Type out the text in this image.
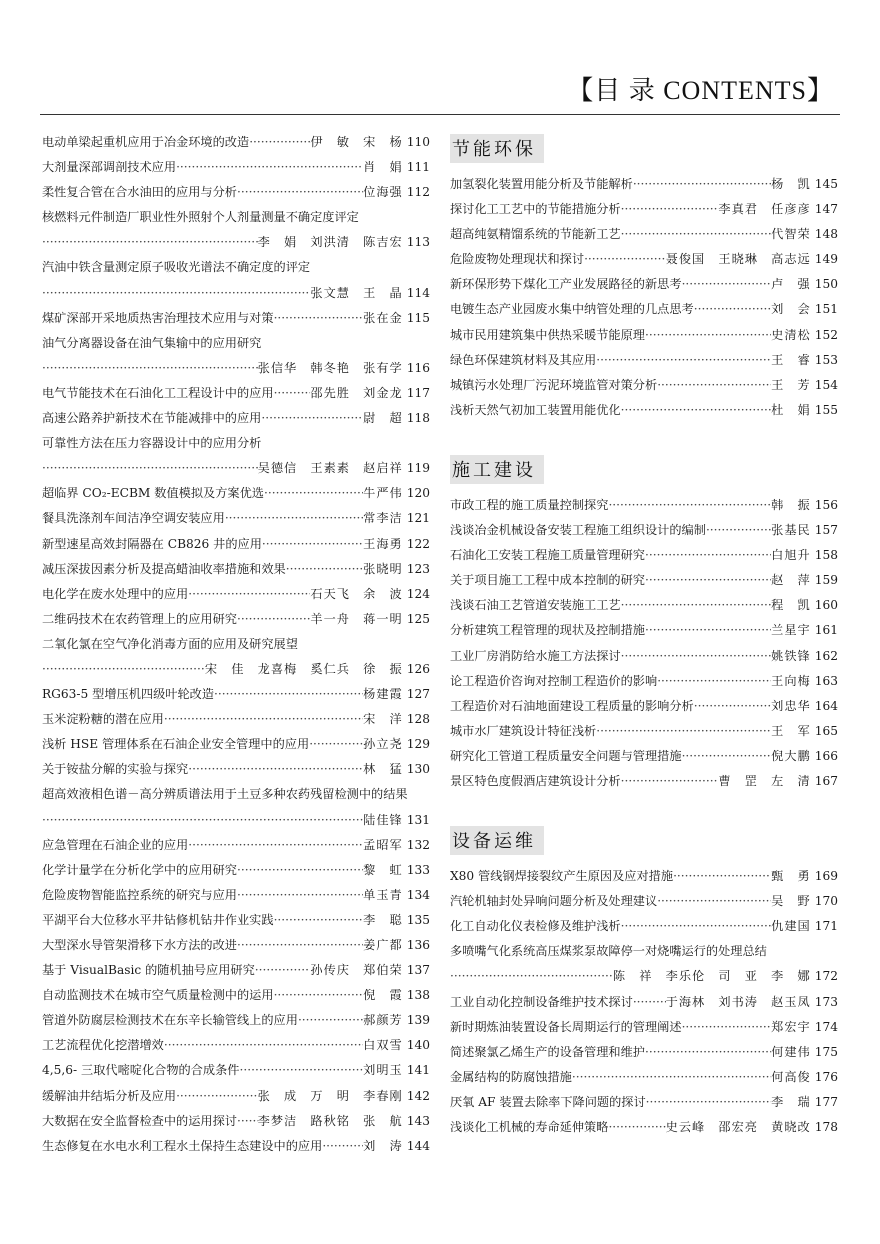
【目 录 CONTENTS】
电动单梁起重机应用于冶金环境的改造 ·····	伊　敏　宋　杨 110
大剂量深部调剖技术应用 ·····	肖　娟 111
柔性复合管在合水油田的应用与分析 ·····	位海强 112
核燃料元件制造厂职业性外照射个人剂量测量不确定度评定
·····
李　娟　刘洪清　陈吉宏 113
汽油中铁含量测定原子吸收光谱法不确定度的评定
·····
张文慧　王　晶 114
煤矿深部开采地质热害治理技术应用与对策 ·····	张在金 115
油气分离器设备在油气集输中的应用研究
·····
张信华　韩冬艳　张有学 116
电气节能技术在石油化工工程设计中的应用 ·····	邵先胜　刘金龙 117
高速公路养护新技术在节能减排中的应用 ·····	尉　超 118
可靠性方法在压力容器设计中的应用分析
·····
吴德信　王素素　赵启祥 119
超临界 CO₂-ECBM 数值模拟及方案优选 ·····	牛严伟 120
餐具洗涤剂车间洁净空调安装应用 ·····	常李洁 121
新型速星高效封隔器在 CB826 井的应用 ·····	王海勇 122
减压深拔因素分析及提高蜡油收率措施和效果 ·····	张晓明 123
电化学在废水处理中的应用 ·····	石天飞　余　波 124
二维码技术在农药管理上的应用研究 ·····	羊一舟　蒋一明 125
二氧化氯在空气净化消毒方面的应用及研究展望
·····
宋　佳　龙喜梅　奚仁兵　徐　振 126
RG63-5 型增压机四级叶轮改造 ·····	杨建霞 127
玉米淀粉糖的潜在应用 ·····	宋　洋 128
浅析 HSE 管理体系在石油企业安全管理中的应用 ·····	孙立尧 129
关于铵盐分解的实验与探究 ·····	林　猛 130
超高效液相色谱－高分辨质谱法用于土豆多种农药残留检测中的结果
·····
陆佳锋 131
应急管理在石油企业的应用 ·····	孟昭军 132
化学计量学在分析化学中的应用研究 ·····	黎　虹 133
危险废物智能监控系统的研究与应用 ·····	单玉青 134
平湖平台大位移水平井钻修机钻井作业实践 ·····	李　聪 135
大型深水导管架滑移下水方法的改进 ·····	姜广都 136
基于 VisualBasic 的随机抽号应用研究 ·····	孙传庆　郑伯荣 137
自动监测技术在城市空气质量检测中的运用 ·····	倪　霞 138
管道外防腐层检测技术在东辛长输管线上的应用 ·····	郝颜芳 139
工艺流程优化挖潜增效 ·····	白双雪 140
4,5,6- 三取代嘧啶化合物的合成条件 ·····	刘明玉 141
缓解油井结垢分析及应用 ·····	张　成　万　明　李春刚 142
大数据在安全监督检查中的运用探讨 ····· 李梦洁　路秋铭　张　航 143
生态修复在水电水利工程水土保持生态建设中的应用 ·····	刘　涛 144
节能环保
加氢裂化装置用能分析及节能解析 ·····	杨　凯 145
探讨化工工艺中的节能措施分析 ·····	李真君　任彦彦 147
超高纯氨精馏系统的节能新工艺 ·····	代智荣 148
危险废物处理现状和探讨 ·····	聂俊国　王晓琳　高志远 149
新环保形势下煤化工产业发展路径的新思考 ·····	卢　强 150
电镀生态产业园废水集中纳管处理的几点思考 ·····	刘　会 151
城市民用建筑集中供热采暖节能原理 ·····	史清松 152
绿色环保建筑材料及其应用 ·····	王　睿 153
城镇污水处理厂污泥环境监管对策分析 ·····	王　芳 154
浅析天然气初加工装置用能优化 ·····	杜　娟 155
施工建设
市政工程的施工质量控制探究 ·····	韩　振 156
浅谈冶金机械设备安装工程施工组织设计的编制 ·····	张基民 157
石油化工安装工程施工质量管理研究 ·····	白旭升 158
关于项目施工工程中成本控制的研究 ·····	赵　萍 159
浅谈石油工艺管道安装施工工艺 ·····	程　凯 160
分析建筑工程管理的现状及控制措施 ·····	兰星宇 161
工业厂房消防给水施工方法探讨 ·····	姚铁锋 162
论工程造价咨询对控制工程造价的影响 ·····	王向梅 163
工程造价对石油地面建设工程质量的影响分析 ·····	刘忠华 164
城市水厂建筑设计特征浅析 ·····	王　军 165
研究化工管道工程质量安全问题与管理措施 ·····	倪大鹏 166
景区特色度假酒店建筑设计分析 ·····	曹　罡　左　清 167
设备运维
X80 管线钢焊接裂纹产生原因及应对措施 ·····	甄　勇 169
汽轮机轴封处异响问题分析及处理建议 ·····	吴　野 170
化工自动化仪表检修及维护浅析 ·····	仇建国 171
多喷嘴气化系统高压煤浆泵故障停一对烧嘴运行的处理总结
·····
陈　祥　李乐伦　司　亚　李　娜 172
工业自动化控制设备维护技术探讨 ·····	于海林　刘书涛　赵玉凤 173
新时期炼油装置设备长周期运行的管理阐述 ·····	郑宏宇 174
简述聚氯乙烯生产的设备管理和维护 ·····	何建伟 175
金属结构的防腐蚀措施 ·····	何高俊 176
厌氧 AF 装置去除率下降问题的探讨 ·····	李　瑞 177
浅谈化工机械的寿命延伸策略 ·····	史云峰　邵宏亮　黄晓改 178
